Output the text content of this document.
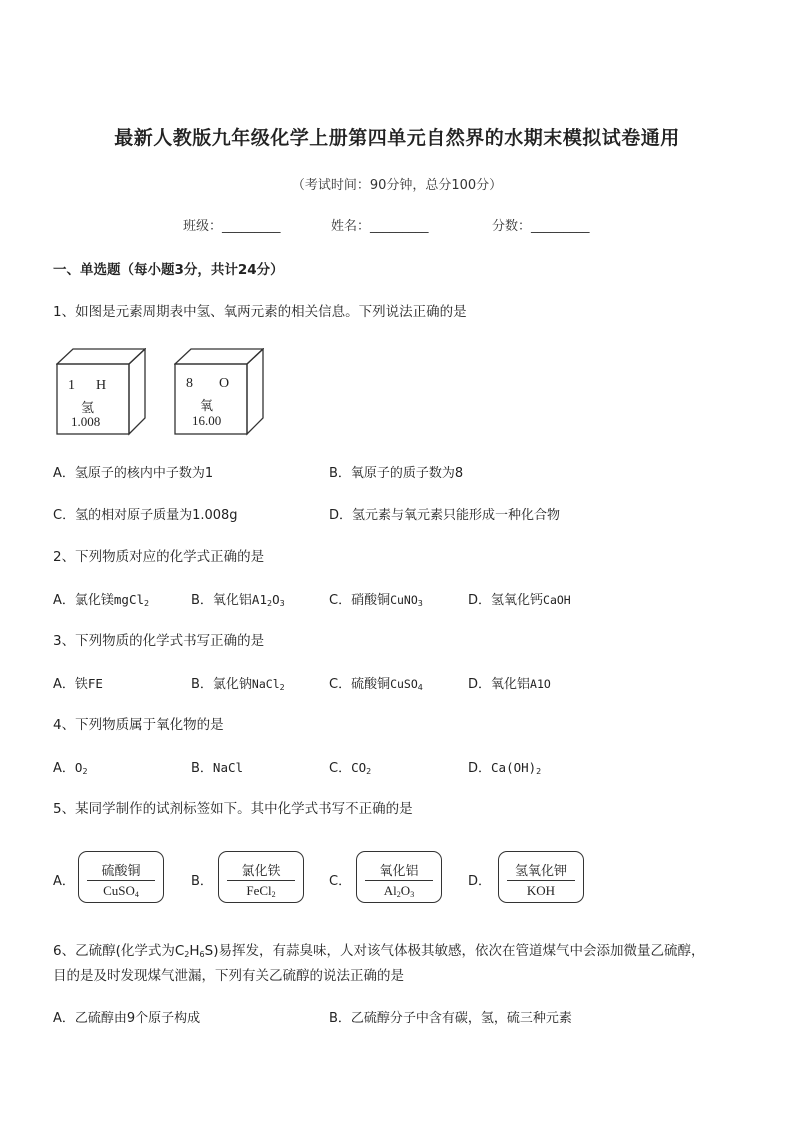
最新人教版九年级化学上册第四单元自然界的水期末模拟试卷通用
（考试时间：90分钟，总分100分）
班级：_________	姓名：_________	分数：_________
一、单选题（每小题3分，共计24分）
1、如图是元素周期表中氢、氧两元素的相关信息。下列说法正确的是
1 H
氢
1.008
8 O
氧
16.00
A．氢原子的核内中子数为1	B．氧原子的质子数为8
C．氢的相对原子质量为1.008g	D．氢元素与氧元素只能形成一种化合物
2、下列物质对应的化学式正确的是
A．氯化镁mgCl$_2$	B．氧化铝$A1_2O_3$	C．硝酸铜CuNO$_3$	D．氢氧化钙CaOH
3、下列物质的化学式书写正确的是
A．铁FE	B．氯化钠NaCl$_2$	C．硫酸铜CuSO$_4$	D．氧化铝A1O
4、下列物质属于氧化物的是
A．$O_2$	B．NaCl	C．$CO_2$	D．$Ca(OH)_2$
5、某同学制作的试剂标签如下。其中化学式书写不正确的是
A．
硫酸铜
CuSO$_4$
B．
氯化铁
FeCl$_2$
C．
氧化铝
$Al_2O_3$
D．
氢氧化钾
KOH
6、乙硫醇(化学式为$C_2H_6S$)易挥发，有蒜臭味，人对该气体极其敏感，依次在管道煤气中会添加微量乙硫醇，
目的是及时发现煤气泄漏，下列有关乙硫醇的说法正确的是
A．乙硫醇由9个原子构成	B．乙硫醇分子中含有碳，氢，硫三种元素
